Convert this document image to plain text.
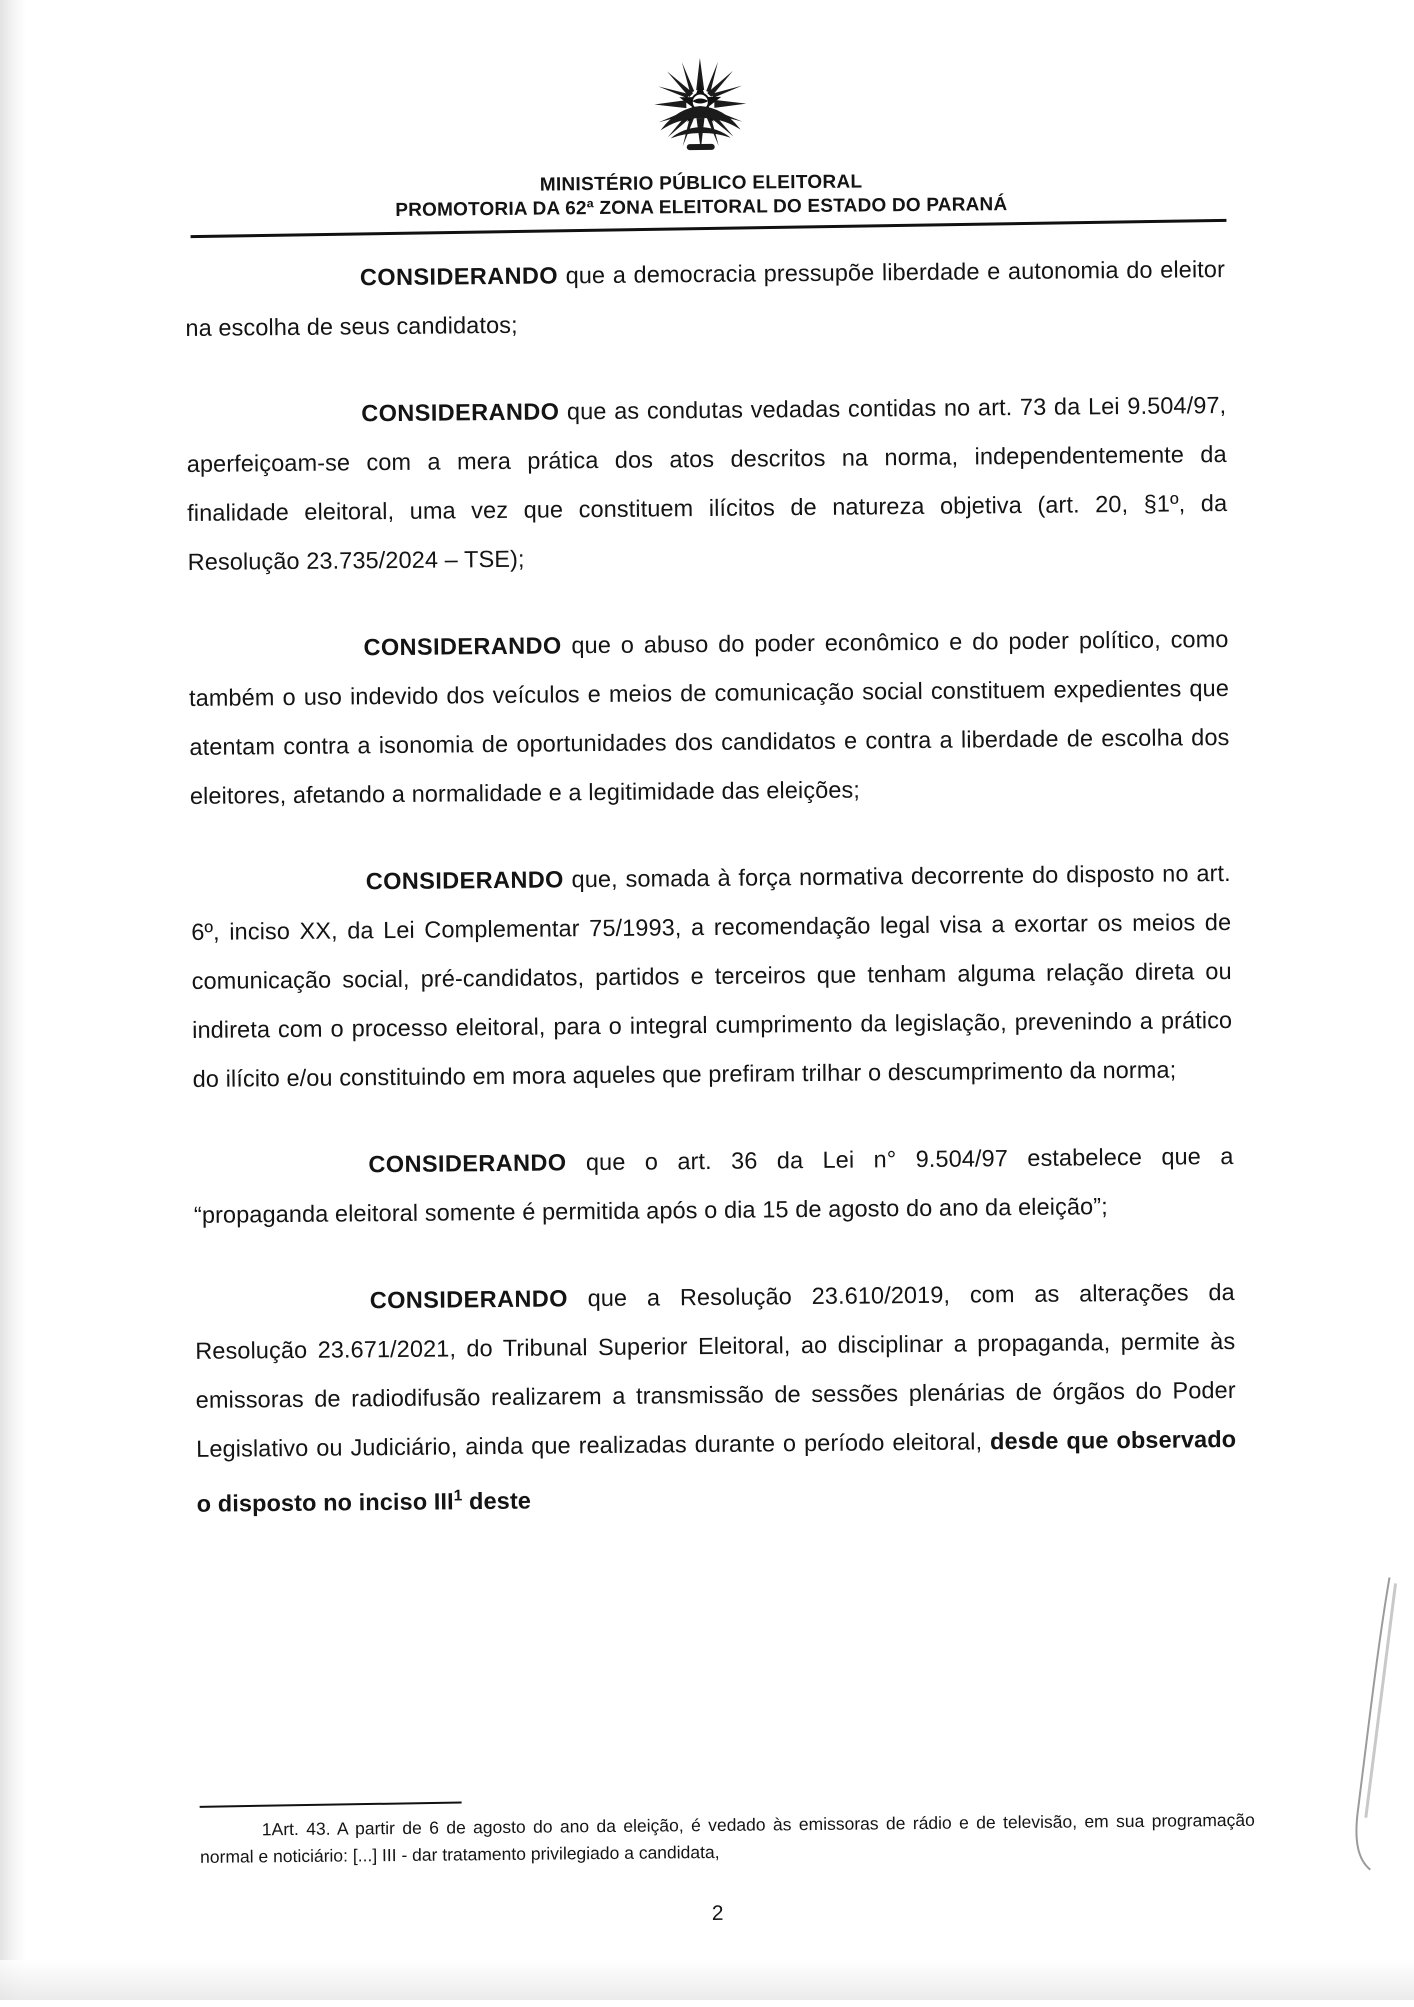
MINISTÉRIO PÚBLICO ELEITORAL
PROMOTORIA DA 62ª ZONA ELEITORAL DO ESTADO DO PARANÁ

CONSIDERANDO que a democracia pressupõe liberdade e autonomia do eleitor na escolha de seus candidatos;

CONSIDERANDO que as condutas vedadas contidas no art. 73 da Lei 9.504/97, aperfeiçoam-se com a mera prática dos atos descritos na norma, independentemente da finalidade eleitoral, uma vez que constituem ilícitos de natureza objetiva (art. 20, §1º, da Resolução 23.735/2024 – TSE);

CONSIDERANDO que o abuso do poder econômico e do poder político, como também o uso indevido dos veículos e meios de comunicação social constituem expedientes que atentam contra a isonomia de oportunidades dos candidatos e contra a liberdade de escolha dos eleitores, afetando a normalidade e a legitimidade das eleições;

CONSIDERANDO que, somada à força normativa decorrente do disposto no art. 6º, inciso XX, da Lei Complementar 75/1993, a recomendação legal visa a exortar os meios de comunicação social, pré-candidatos, partidos e terceiros que tenham alguma relação direta ou indireta com o processo eleitoral, para o integral cumprimento da legislação, prevenindo a prático do ilícito e/ou constituindo em mora aqueles que prefiram trilhar o descumprimento da norma;

CONSIDERANDO que o art. 36 da Lei n° 9.504/97 estabelece que a “propaganda eleitoral somente é permitida após o dia 15 de agosto do ano da eleição”;

CONSIDERANDO que a Resolução 23.610/2019, com as alterações da Resolução 23.671/2021, do Tribunal Superior Eleitoral, ao disciplinar a propaganda, permite às emissoras de radiodifusão realizarem a transmissão de sessões plenárias de órgãos do Poder Legislativo ou Judiciário, ainda que realizadas durante o período eleitoral, desde que observado o disposto no inciso III$^1$ deste

1Art. 43. A partir de 6 de agosto do ano da eleição, é vedado às emissoras de rádio e de televisão, em sua programação normal e noticiário: [...] III - dar tratamento privilegiado a candidata,
2
